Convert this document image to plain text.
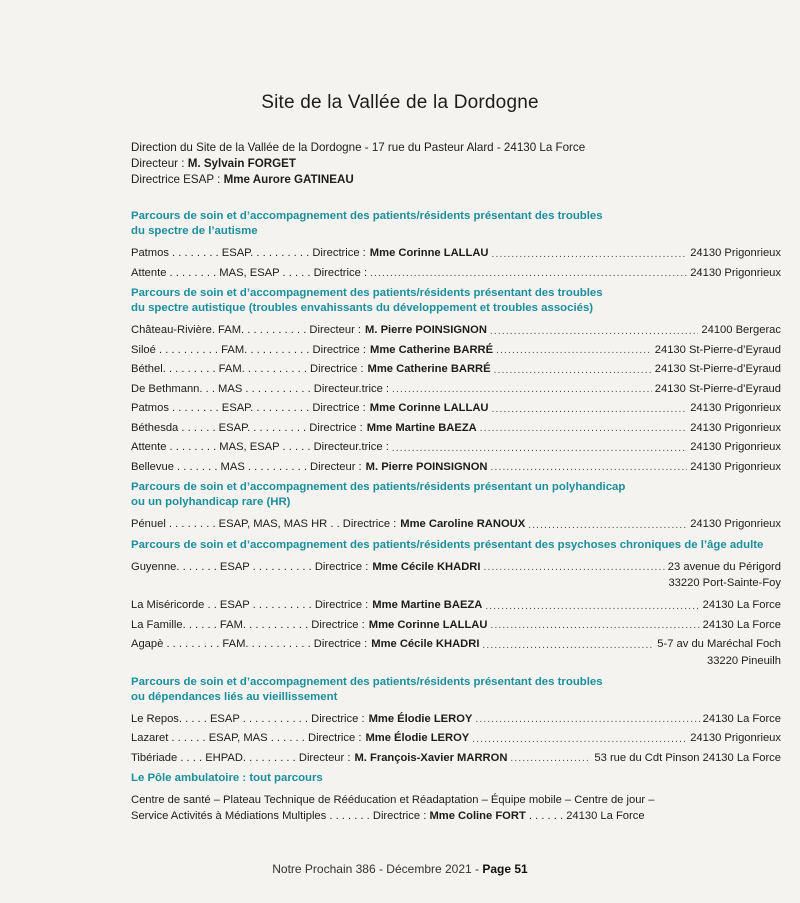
Site de la Vallée de la Dordogne
Direction du Site de la Vallée de la Dordogne - 17 rue du Pasteur Alard - 24130 La Force
Directeur : M. Sylvain FORGET
Directrice ESAP : Mme Aurore GATINEAU
Parcours de soin et d’accompagnement des patients/résidents présentant des troubles
du spectre de l’autisme
Patmos . . . . . . . . ESAP. . . . . . . . . . Directrice : Mme Corinne LALLAU .....	24130 Prigonrieux
Attente . . . . . . . . MAS, ESAP . . . . . Directrice : .....	24130 Prigonrieux
Parcours de soin et d’accompagnement des patients/résidents présentant des troubles
du spectre autistique (troubles envahissants du développement et troubles associés)
Château-Rivière. FAM. . . . . . . . . . . Directeur : M. Pierre POINSIGNON .....	24100 Bergerac
Siloé . . . . . . . . . . FAM. . . . . . . . . . . Directrice : Mme Catherine BARRÉ .....	24130 St-Pierre-d’Eyraud
Béthel. . . . . . . . . FAM. . . . . . . . . . . Directrice : Mme Catherine BARRÉ .....	24130 St-Pierre-d’Eyraud
De Bethmann. . . MAS . . . . . . . . . . . Directeur.trice : .....	24130 St-Pierre-d’Eyraud
Patmos . . . . . . . . ESAP. . . . . . . . . . Directrice : Mme Corinne LALLAU .....	24130 Prigonrieux
Béthesda . . . . . . ESAP. . . . . . . . . . Directrice : Mme Martine BAEZA .....	24130 Prigonrieux
Attente . . . . . . . . MAS, ESAP . . . . . Directeur.trice : .....	24130 Prigonrieux
Bellevue . . . . . . . MAS . . . . . . . . . . Directeur : M. Pierre POINSIGNON .....	24130 Prigonrieux
Parcours de soin et d’accompagnement des patients/résidents présentant un polyhandicap
ou un polyhandicap rare (HR)
Pénuel . . . . . . . . ESAP, MAS, MAS HR . . Directrice : Mme Caroline RANOUX .....	24130 Prigonrieux
Parcours de soin et d’accompagnement des patients/résidents présentant des psychoses chroniques de l’âge adulte
Guyenne. . . . . . . ESAP . . . . . . . . . . Directrice : Mme Cécile KHADRI .....	23 avenue du Périgord
33220 Port-Sainte-Foy
La Miséricorde . . ESAP . . . . . . . . . . Directrice : Mme Martine BAEZA .....	24130 La Force
La Famille. . . . . . FAM. . . . . . . . . . . Directrice : Mme Corinne LALLAU .....	24130 La Force
Agapè . . . . . . . . . FAM. . . . . . . . . . . Directrice : Mme Cécile KHADRI .....	5-7 av du Maréchal Foch
33220 Pineuilh
Parcours de soin et d’accompagnement des patients/résidents présentant des troubles
ou dépendances liés au vieillissement
Le Repos. . . . . ESAP . . . . . . . . . . . Directrice : Mme Élodie LEROY .....	24130 La Force
Lazaret . . . . . . ESAP, MAS . . . . . . Directrice : Mme Élodie LEROY .....	24130 Prigonrieux
Tibériade . . . . EHPAD. . . . . . . . . Directeur : M. François-Xavier MARRON .....	53 rue du Cdt Pinson 24130 La Force
Le Pôle ambulatoire : tout parcours
Centre de santé – Plateau Technique de Rééducation et Réadaptation – Équipe mobile – Centre de jour –
Service Activités à Médiations Multiples . . . . . . . Directrice : Mme Coline FORT . . . . . . 24130 La Force
Notre Prochain 386 - Décembre 2021 - Page 51
